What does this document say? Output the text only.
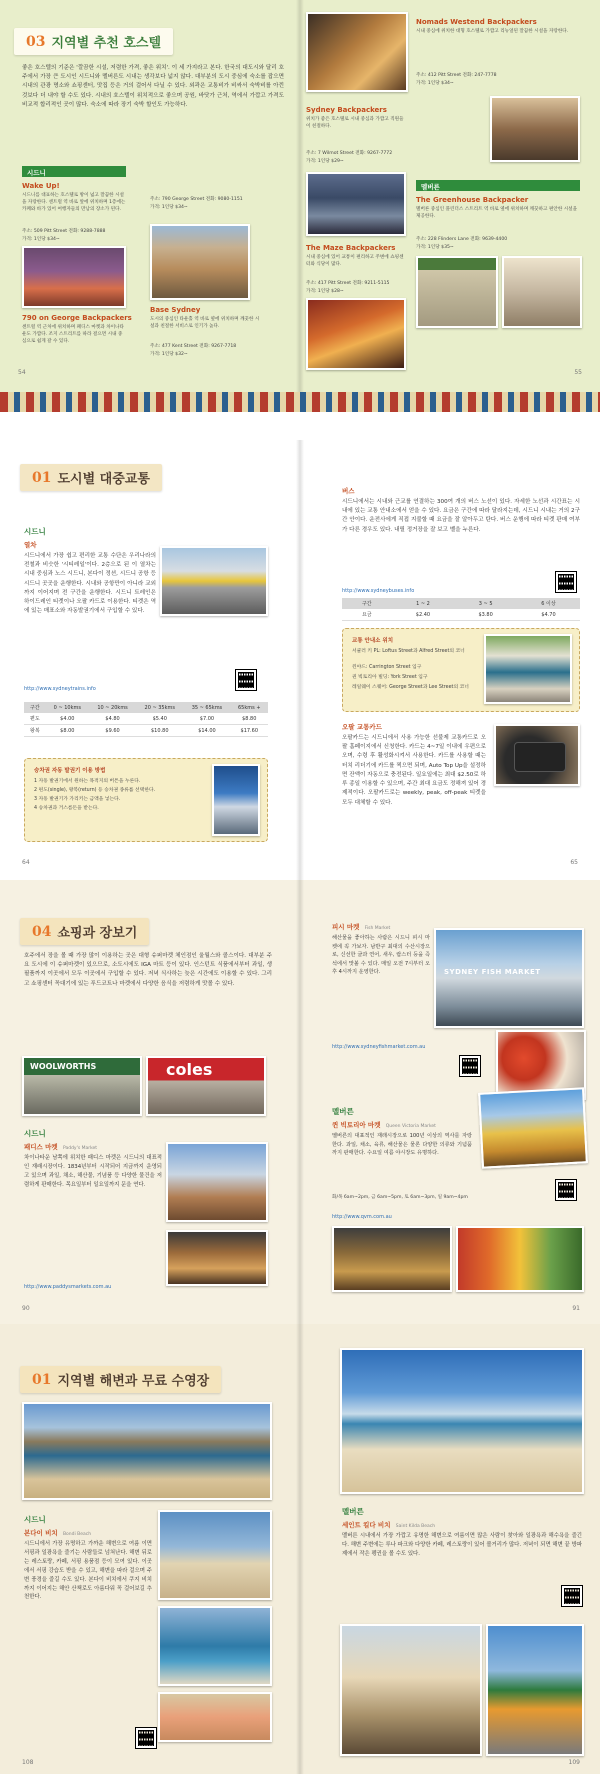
03 지역별 추천 호스텔
좋은 호스텔의 기준은 '깔끔한 시설, 저렴한 가격, 좋은 위치'. 이 세 가지라고 본다. 한국의 대도시와 달리 호주에서 가장 큰 도시인 시드니와 멜버른도 시내는 생각보다 넓지 않다. 대부분의 도시 중심에 숙소를 잡으면 시내의 관광 명소와 쇼핑센터, 맛집 등은 거의 걸어서 다닐 수 있다. 외곽은 교통비가 비싸서 숙박비를 아낀 것보다 더 내야 할 수도 있다. 시내의 호스텔이 위치적으로 좋으며 공원, 바닷가 근처, 역에서 가깝고 가격도 비교적 합리적인 곳이 많다. 숙소에 따라 장기 숙박 할인도 가능하다.
시드니
Wake Up!
시드니를 대표하는 호스텔로 방이 넓고 깔끔한 시설을 자랑한다. 센트럴 역 바로 앞에 위치하며 1층에는 카페와 바가 있어 여행자들의 만남의 장소가 된다.
주소: 509 Pitt Street 전화: 9288-7888
가격: 1인당 $34~
790 on George Backpackers
센트럴 역 근처에 위치하며 패디스 마켓과 차이나타운도 가깝다. 조지 스트리트를 따라 걸으면 시내 중심으로 쉽게 갈 수 있다.
주소: 790 George Street 전화: 9080-1151
가격: 1인당 $34~
Base Sydney
도시의 중심인 타운홀 역 바로 옆에 위치하며 깨끗한 시설과 친절한 서비스로 인기가 높다.
주소: 477 Kent Street 전화: 9267-7718
가격: 1인당 $32~
54
Nomads Westend Backpackers
시내 중심에 위치한 대형 호스텔로 가깝고 리뉴얼된 깔끔한 시설을 자랑한다.
주소: 412 Pitt Street 전화: 247-7778
가격: 1인당 $34~
Sydney Backpackers
위치가 좋은 호스텔로 시내 중심과 가깝고 직원들이 친절하다.
주소: 7 Wilmot Street 전화: 9267-7772
가격: 1인당 $29~
멜버른
The Greenhouse Backpacker
멜버른 중심인 플린더스 스트리트 역 바로 옆에 위치하며 깨끗하고 편안한 시설을 제공한다.
주소: 228 Flinders Lane 전화: 9639-4400
가격: 1인당 $35~
The Maze Backpackers
시내 중심에 있어 교통이 편리하고 주변에 쇼핑센터와 식당이 많다.
주소: 417 Pitt Street 전화: 9211-5115
가격: 1인당 $28~
55
01 도시별 대중교통
시드니
열차
시드니에서 가장 쉽고 편리한 교통 수단은 우리나라의 전철과 비슷한 '시티레일'이다. 2층으로 된 이 열차는 시내 중심과 노스 시드니, 본다이 정션, 시드니 공항 등 시드니 곳곳을 운행한다. 시내와 공항만이 아니라 교외까지 이어지며 전 구간을 운행한다. 시드니 트레인은 하이드레인 티켓이나 오팔 카드로 이용한다. 티켓은 역에 있는 매표소와 자동발권기에서 구입할 수 있다.
http://www.sydneytrains.info
구간	0 ~ 10kms	10 ~ 20kms	20 ~ 35kms	35 ~ 65kms	65kms +
편도	$4.00	$4.80	$5.40	$7.00	$8.80
왕복	$8.00	$9.60	$10.80	$14.00	$17.60
승차권 자동 발권기 이용 방법
1 자동 발권기에서 원하는 목적지의 버튼을 누른다.
2 편도(single), 왕복(return) 등 승차권 종류를 선택한다.
3 자동 발권기가 가리키는 금액을 넣는다.
4 승차권과 거스름돈을 받는다.
64
버스
시드니에서는 시내와 근교를 연결하는 300여 개의 버스 노선이 있다. 자세한 노선과 시간표는 시내에 있는 교통 안내소에서 얻을 수 있다. 요금은 구간에 따라 달라지는데, 시드니 시내는 거의 2구간 안이다. 운전사에게 직접 지불할 때 요금을 잘 알아두고 탄다. 버스 운행에 따라 티켓 판매 여부가 다른 경우도 있다. 내릴 정거장을 잘 보고 벨을 누른다.
http://www.sydneybuses.info
구간	1 ~ 2	3 ~ 5	6 이상
요금	$2.40	$3.80	$4.70
교통 안내소 위치
서큘러 키 PL: Loftus Street과 Alfred Street의 코너
윈야드: Carrington Street 입구
퀸 빅토리아 빌딩: York Street 입구
레일웨이 스퀘어: George Street과 Lee Street의 코너
오팔 교통카드
오팔카드는 시드니에서 사용 가능한 선불제 교통카드로 오팔 홈페이지에서 신청한다. 카드는 4~7일 이내에 우편으로 오며, 수령 후 활성화시켜서 사용한다. 카드를 사용할 때는 터치 리더기에 카드를 찍으면 되며, Auto Top Up을 설정하면 잔액이 자동으로 충전된다. 일요일에는 최대 $2.50로 하루 종일 이용할 수 있으며, 주간 최대 요금도 정해져 있어 경제적이다. 오팔카드로는 weekly, peak, off-peak 티켓을 모두 대체할 수 있다.
65
04 쇼핑과 장보기
호주에서 장을 볼 때 가장 많이 이용하는 곳은 대형 슈퍼마켓 체인점인 울월스와 콜스이다. 대부분 주요 도시에 이 슈퍼마켓이 있으므로, 소도시에도 IGA 마트 등이 있다. 인스턴트 식품에서부터 과일, 생필품까지 이곳에서 모두 이곳에서 구입할 수 있다. 저녁 식사하는 늦은 시간에도 이용할 수 있다. 그리고 쇼핑센터 꼭대기에 있는 푸드코트나 마켓에서 다양한 음식을 저렴하게 맛볼 수 있다.
WOOLWORTHS	coles
시드니
패디스 마켓 Paddy's Market
차이나타운 남쪽에 위치한 패디스 마켓은 시드니의 대표적인 재래시장이다. 1834년부터 시작되어 지금까지 운영되고 있으며 과일, 채소, 해산물, 기념품 등 다양한 물건을 저렴하게 판매한다. 목요일부터 일요일까지 문을 연다.
http://www.paddysmarkets.com.au
90
피시 마켓 Fish Market
해산물을 좋아하는 사람은 시드니 피시 마켓에 꼭 가보자. 남반구 최대의 수산시장으로, 신선한 굴과 연어, 새우, 랍스터 등을 즉석에서 맛볼 수 있다. 매일 오전 7시부터 오후 4시까지 운영한다.	SYDNEY FISH MARKET
http://www.sydneyfishmarket.com.au
멜버른
퀸 빅토리아 마켓 Queen Victoria Market
멜버른의 대표적인 재래시장으로 100년 이상의 역사를 자랑한다. 과일, 채소, 육류, 해산물은 물론 다양한 의류와 기념품까지 판매한다. 수요일 여름 야시장도 유명하다.
화/목 6am~2pm, 금 6am~5pm, 토 6am~3pm, 일 9am~4pm
http://www.qvm.com.au
91
01 지역별 해변과 무료 수영장
시드니
본다이 비치 Bondi Beach
시드니에서 가장 유명하고 가까운 해변으로 여름 이면 서핑과 일광욕을 즐기는 사람들로 넘쳐난다. 해변 뒤로는 레스토랑, 카페, 서핑 용품점 등이 모여 있다. 이곳에서 서핑 강습도 받을 수 있고, 해변을 따라 걸으며 주변 풍경을 즐길 수도 있다. 본다이 비치에서 쿠지 비치까지 이어지는 해안 산책로도 아름다워 꼭 걸어보길 추천한다.
108
멜버른
세인트 킬다 비치 Saint Kilda Beach
멜버른 시내에서 가장 가깝고 유명한 해변으로 여름이면 많은 사람이 찾아와 일광욕과 해수욕을 즐긴다. 해변 주변에는 루나 파크와 다양한 카페, 레스토랑이 있어 볼거리가 많다. 저녁이 되면 해변 끝 방파제에서 작은 펭귄을 볼 수도 있다.
109
